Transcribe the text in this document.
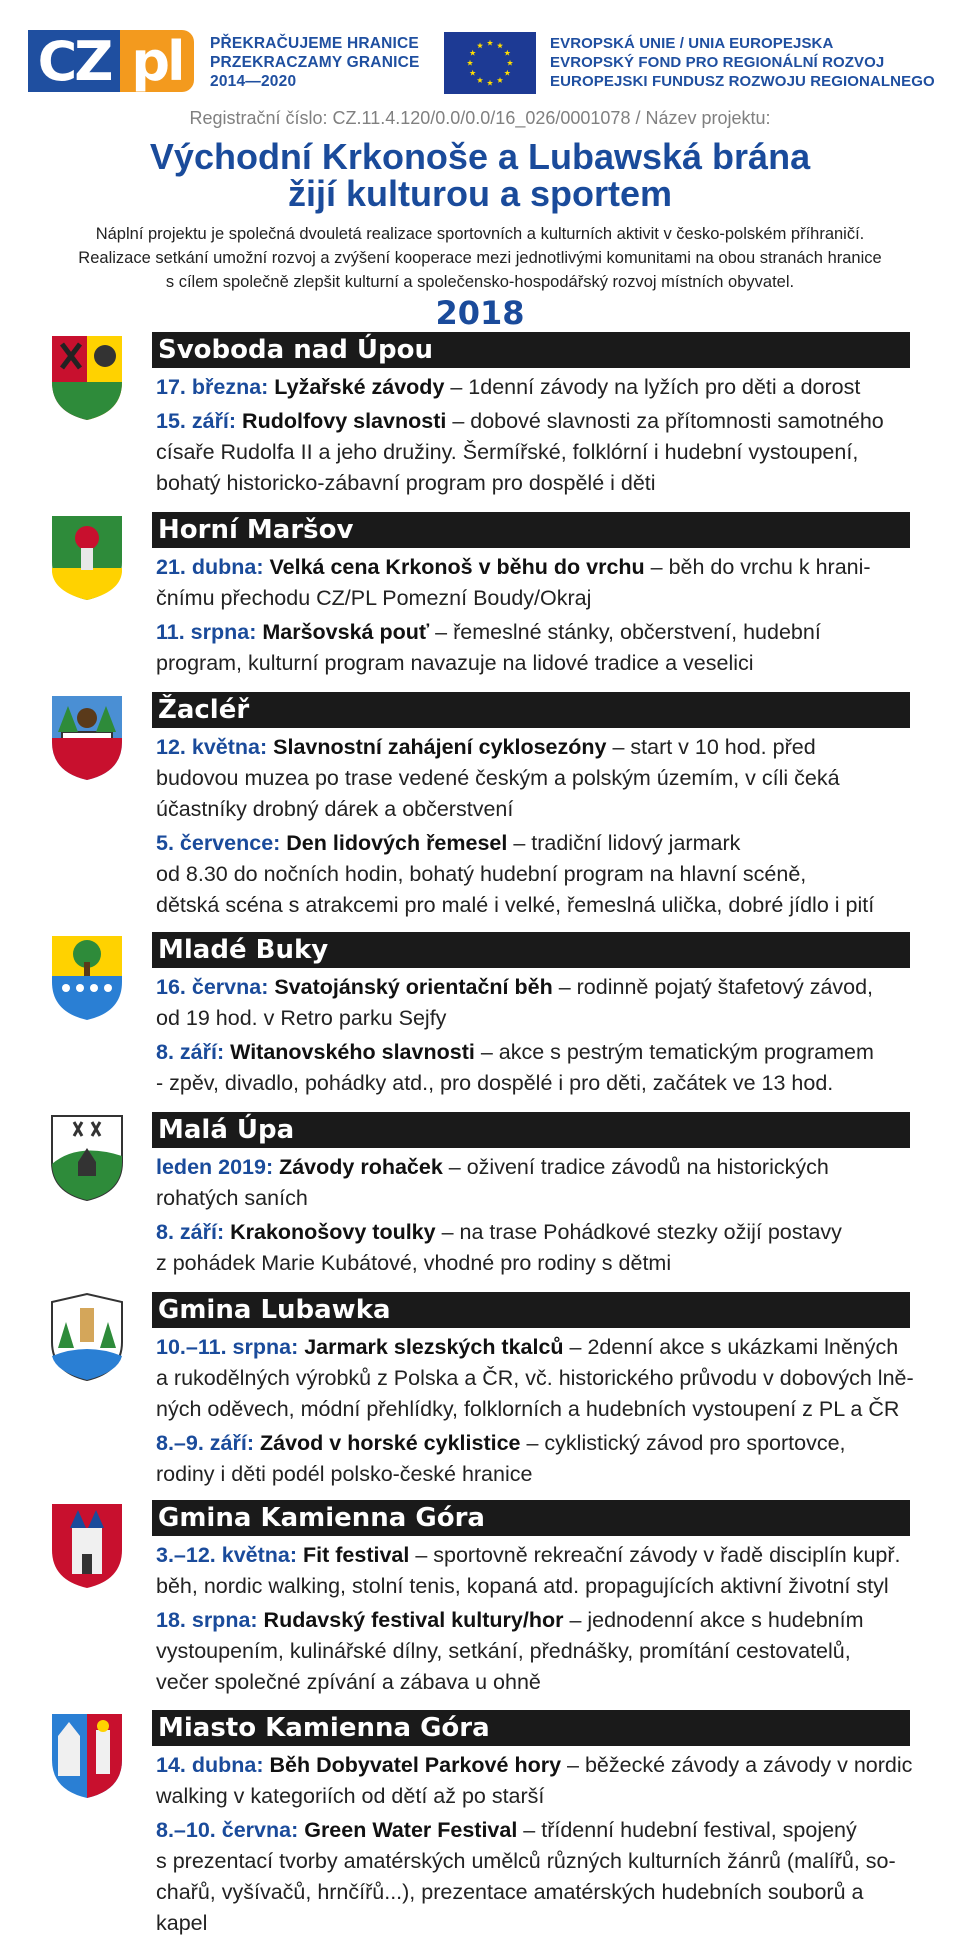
CZ pl	PŘEKRAČUJEME HRANICE
PRZEKRACZAMY GRANICE
2014—2020
EVROPSKÁ UNIE / UNIA EUROPEJSKA
EVROPSKÝ FOND PRO REGIONÁLNÍ ROZVOJ
EUROPEJSKI FUNDUSZ ROZWOJU REGIONALNEGO
Registrační číslo: CZ.11.4.120/0.0/0.0/16_026/0001078 / Název projektu:
Východní Krkonoše a Lubawská brána
žijí kulturou a sportem
Náplní projektu je společná dvouletá realizace sportovních a kulturních aktivit v česko-polském příhraničí.
Realizace setkání umožní rozvoj a zvýšení kooperace mezi jednotlivými komunitami na obou stranách hranice
s cílem společně zlepšit kulturní a společensko-hospodářský rozvoj místních obyvatel.
2018
Svoboda nad Úpou
17. března: Lyžařské závody – 1denní závody na lyžích pro děti a dorost
15. září: Rudolfovy slavnosti – dobové slavnosti za přítomnosti samotného
císaře Rudolfa II a jeho družiny. Šermířské, folklórní i hudební vystoupení,
bohatý historicko-zábavní program pro dospělé i děti
Horní Maršov
21. dubna: Velká cena Krkonoš v běhu do vrchu – běh do vrchu k hrani-
čnímu přechodu CZ/PL Pomezní Boudy/Okraj
11. srpna: Maršovská pouť – řemeslné stánky, občerstvení, hudební
program, kulturní program navazuje na lidové tradice a veselici
Žacléř
12. května: Slavnostní zahájení cyklosezóny – start v 10 hod. před
budovou muzea po trase vedené českým a polským územím, v cíli čeká
účastníky drobný dárek a občerstvení
5. července: Den lidových řemesel – tradiční lidový jarmark
od 8.30 do nočních hodin, bohatý hudební program na hlavní scéně,
dětská scéna s atrakcemi pro malé i velké, řemeslná ulička, dobré jídlo i pití
Mladé Buky
16. června: Svatojánský orientační běh – rodinně pojatý štafetový závod,
od 19 hod. v Retro parku Sejfy
8. září: Witanovského slavnosti – akce s pestrým tematickým programem
- zpěv, divadlo, pohádky atd., pro dospělé i pro děti, začátek ve 13 hod.
Malá Úpa
leden 2019: Závody rohaček – oživení tradice závodů na historických
rohatých saních
8. září: Krakonošovy toulky – na trase Pohádkové stezky ožijí postavy
z pohádek Marie Kubátové, vhodné pro rodiny s dětmi
Gmina Lubawka
10.–11. srpna: Jarmark slezských tkalců – 2denní akce s ukázkami lněných
a rukodělných výrobků z Polska a ČR, vč. historického průvodu v dobových lně-
ných oděvech, módní přehlídky, folklorních a hudebních vystoupení z PL a ČR
8.–9. září: Závod v horské cyklistice – cyklistický závod pro sportovce,
rodiny i děti podél polsko-české hranice
Gmina Kamienna Góra
3.–12. května: Fit festival – sportovně rekreační závody v řadě disciplín kupř.
běh, nordic walking, stolní tenis, kopaná atd. propagujících aktivní životní styl
18. srpna: Rudavský festival kultury/hor – jednodenní akce s hudebním
vystoupením, kulinářské dílny, setkání, přednášky, promítání cestovatelů,
večer společné zpívání a zábava u ohně
Miasto Kamienna Góra
14. dubna: Běh Dobyvatel Parkové hory – běžecké závody a závody v nordic
walking v kategoriích od dětí až po starší
8.–10. června: Green Water Festival – třídenní hudební festival, spojený
s prezentací tvorby amatérských umělců různých kulturních žánrů (malířů, so-
chařů, vyšívačů, hrnčířů...), prezentace amatérských hudebních souborů a kapel
